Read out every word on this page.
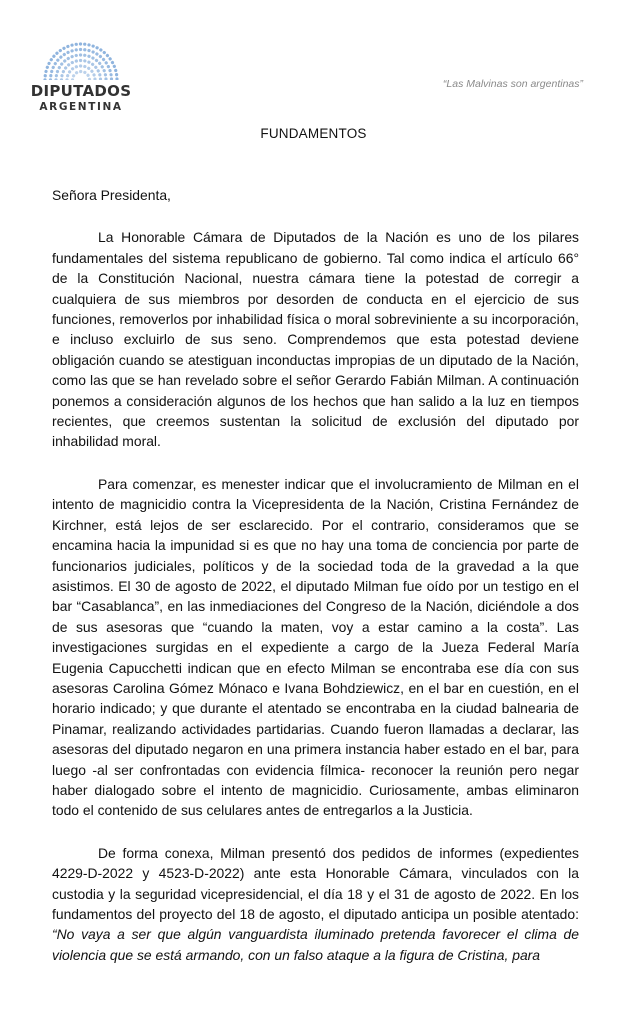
DIPUTADOS
ARGENTINA
“Las Malvinas son argentinas”
FUNDAMENTOS

Señora Presidenta,

La Honorable Cámara de Diputados de la Nación es uno de los pilares fundamentales del sistema republicano de gobierno. Tal como indica el artículo 66° de la Constitución Nacional, nuestra cámara tiene la potestad de corregir a cualquiera de sus miembros por desorden de conducta en el ejercicio de sus funciones, removerlos por inhabilidad física o moral sobreviniente a su incorporación, e incluso excluirlo de sus seno. Comprendemos que esta potestad deviene obligación cuando se atestiguan inconductas impropias de un diputado de la Nación, como las que se han revelado sobre el señor Gerardo Fabián Milman. A continuación ponemos a consideración algunos de los hechos que han salido a la luz en tiempos recientes, que creemos sustentan la solicitud de exclusión del diputado por inhabilidad moral.

Para comenzar, es menester indicar que el involucramiento de Milman en el intento de magnicidio contra la Vicepresidenta de la Nación, Cristina Fernández de Kirchner, está lejos de ser esclarecido. Por el contrario, consideramos que se encamina hacia la impunidad si es que no hay una toma de conciencia por parte de funcionarios judiciales, políticos y de la sociedad toda de la gravedad a la que asistimos. El 30 de agosto de 2022, el diputado Milman fue oído por un testigo en el bar “Casablanca”, en las inmediaciones del Congreso de la Nación, diciéndole a dos de sus asesoras que “cuando la maten, voy a estar camino a la costa”. Las investigaciones surgidas en el expediente a cargo de la Jueza Federal María Eugenia Capucchetti indican que en efecto Milman se encontraba ese día con sus asesoras Carolina Gómez Mónaco e Ivana Bohdziewicz, en el bar en cuestión, en el horario indicado; y que durante el atentado se encontraba en la ciudad balnearia de Pinamar, realizando actividades partidarias. Cuando fueron llamadas a declarar, las asesoras del diputado negaron en una primera instancia haber estado en el bar, para luego -al ser confrontadas con evidencia fílmica- reconocer la reunión pero negar haber dialogado sobre el intento de magnicidio. Curiosamente, ambas eliminaron todo el contenido de sus celulares antes de entregarlos a la Justicia.

De forma conexa, Milman presentó dos pedidos de informes (expedientes 4229-D-2022 y 4523-D-2022) ante esta Honorable Cámara, vinculados con la custodia y la seguridad vicepresidencial, el día 18 y el 31 de agosto de 2022. En los fundamentos del proyecto del 18 de agosto, el diputado anticipa un posible atentado: “No vaya a ser que algún vanguardista iluminado pretenda favorecer el clima de violencia que se está armando, con un falso ataque a la figura de Cristina, para
